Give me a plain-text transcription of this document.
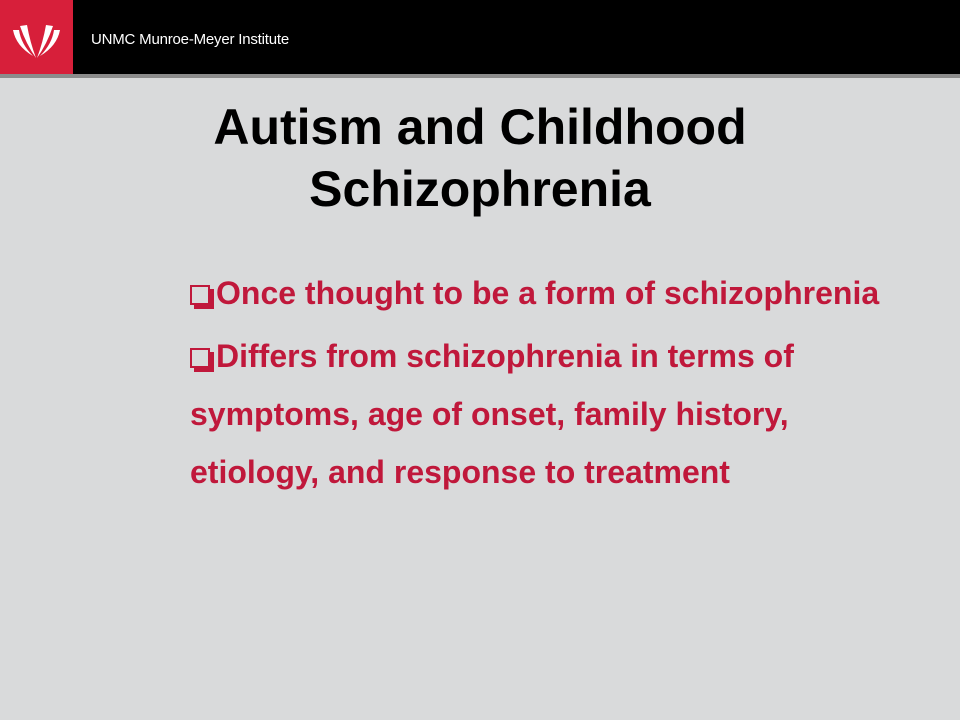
UNMC Munroe-Meyer Institute
Autism and Childhood
Schizophrenia
Once thought to be a form of schizophrenia
Differs from schizophrenia in terms of symptoms, age of onset, family history, etiology, and response to treatment
